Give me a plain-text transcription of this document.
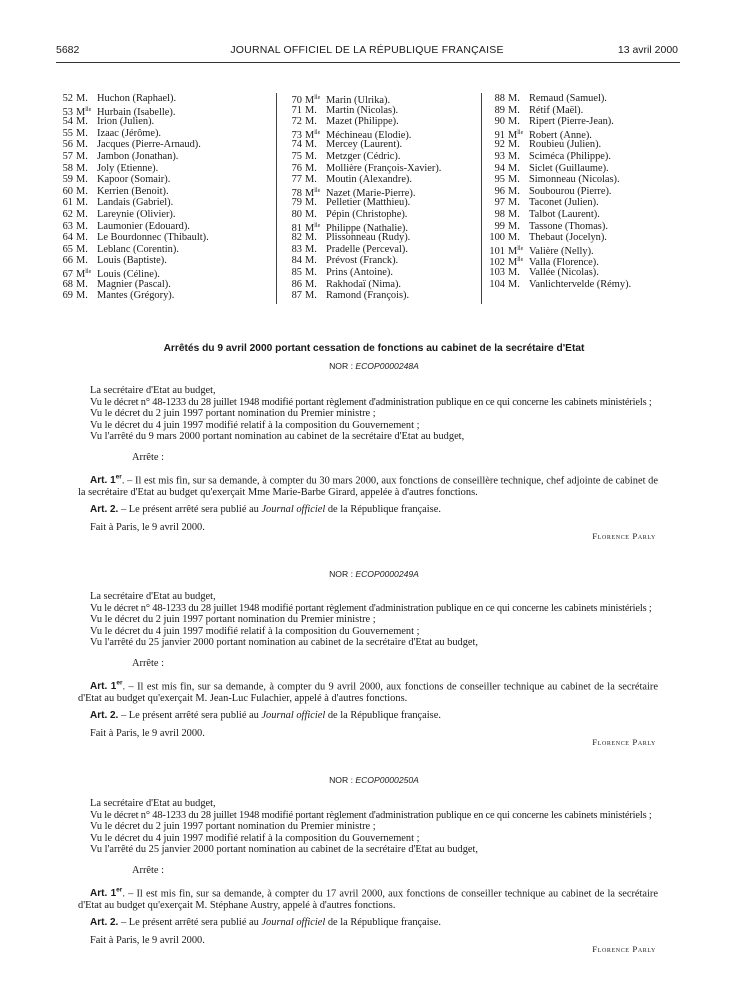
5682	JOURNAL OFFICIEL DE LA RÉPUBLIQUE FRANÇAISE	13 avril 2000
52 M. Huchon (Raphael).
53 $M^{lle}$ Hurbain (Isabelle).
54 M. Irion (Julien).
55 M. Izaac (Jérôme).
56 M. Jacques (Pierre-Arnaud).
57 M. Jambon (Jonathan).
58 M. Joly (Etienne).
59 M. Kapoor (Somair).
60 M. Kerrien (Benoit).
61 M. Landais (Gabriel).
62 M. Lareynie (Olivier).
63 M. Laumonier (Edouard).
64 M. Le Bourdonnec (Thibault).
65 M. Leblanc (Corentin).
66 M. Louis (Baptiste).
67 $M^{lle}$ Louis (Céline).
68 M. Magnier (Pascal).
69 M. Mantes (Grégory).
70 $M^{lle}$ Marin (Ulrika).
71 M. Martin (Nicolas).
72 M. Mazet (Philippe).
73 $M^{lle}$ Méchineau (Elodie).
74 M. Mercey (Laurent).
75 M. Metzger (Cédric).
76 M. Mollière (François-Xavier).
77 M. Moutin (Alexandre).
78 $M^{lle}$ Nazet (Marie-Pierre).
79 M. Pelletier (Matthieu).
80 M. Pépin (Christophe).
81 $M^{lle}$ Philippe (Nathalie).
82 M. Plissonneau (Rudy).
83 M. Pradelle (Perceval).
84 M. Prévost (Franck).
85 M. Prins (Antoine).
86 M. Rakhodaï (Nima).
87 M. Ramond (François).
88 M. Remaud (Samuel).
89 M. Rétif (Maël).
90 M. Ripert (Pierre-Jean).
91 $M^{lle}$ Robert (Anne).
92 M. Roubieu (Julien).
93 M. Sciméca (Philippe).
94 M. Siclet (Guillaume).
95 M. Simonneau (Nicolas).
96 M. Soubourou (Pierre).
97 M. Taconet (Julien).
98 M. Talbot (Laurent).
99 M. Tassone (Thomas).
100 M. Thebaut (Jocelyn).
101 $M^{lle}$ Valière (Nelly).
102 $M^{lle}$ Valla (Florence).
103 M. Vallée (Nicolas).
104 M. Vanlichtervelde (Rémy).
Arrêtés du 9 avril 2000 portant cessation de fonctions au cabinet de la secrétaire d'Etat
NOR : ECOP0000248A

La secrétaire d'Etat au budget,

Vu le décret n° 48-1233 du 28 juillet 1948 modifié portant règlement d'administration publique en ce qui concerne les cabinets ministériels ;

Vu le décret du 2 juin 1997 portant nomination du Premier ministre ;

Vu le décret du 4 juin 1997 modifié relatif à la composition du Gouvernement ;

Vu l'arrêté du 9 mars 2000 portant nomination au cabinet de la secrétaire d'Etat au budget,

Arrête :

Art. 1er. – Il est mis fin, sur sa demande, à compter du 30 mars 2000, aux fonctions de conseillère technique, chef adjointe de cabinet de la secrétaire d'Etat au budget qu'exerçait Mme Marie-Barbe Girard, appelée à d'autres fonctions.

Art. 2. – Le présent arrêté sera publié au Journal officiel de la République française.

Fait à Paris, le 9 avril 2000.

Florence Parly

NOR : ECOP0000249A

La secrétaire d'Etat au budget,

Vu le décret n° 48-1233 du 28 juillet 1948 modifié portant règlement d'administration publique en ce qui concerne les cabinets ministériels ;

Vu le décret du 2 juin 1997 portant nomination du Premier ministre ;

Vu le décret du 4 juin 1997 modifié relatif à la composition du Gouvernement ;

Vu l'arrêté du 25 janvier 2000 portant nomination au cabinet de la secrétaire d'Etat au budget,

Arrête :

Art. 1er. – Il est mis fin, sur sa demande, à compter du 9 avril 2000, aux fonctions de conseiller technique au cabinet de la secrétaire d'Etat au budget qu'exerçait M. Jean-Luc Fulachier, appelé à d'autres fonctions.

Art. 2. – Le présent arrêté sera publié au Journal officiel de la République française.

Fait à Paris, le 9 avril 2000.

Florence Parly

NOR : ECOP0000250A

La secrétaire d'Etat au budget,

Vu le décret n° 48-1233 du 28 juillet 1948 modifié portant règlement d'administration publique en ce qui concerne les cabinets ministériels ;

Vu le décret du 2 juin 1997 portant nomination du Premier ministre ;

Vu le décret du 4 juin 1997 modifié relatif à la composition du Gouvernement ;

Vu l'arrêté du 25 janvier 2000 portant nomination au cabinet de la secrétaire d'Etat au budget,

Arrête :

Art. 1er. – Il est mis fin, sur sa demande, à compter du 17 avril 2000, aux fonctions de conseiller technique au cabinet de la secrétaire d'Etat au budget qu'exerçait M. Stéphane Austry, appelé à d'autres fonctions.

Art. 2. – Le présent arrêté sera publié au Journal officiel de la République française.

Fait à Paris, le 9 avril 2000.

Florence Parly
